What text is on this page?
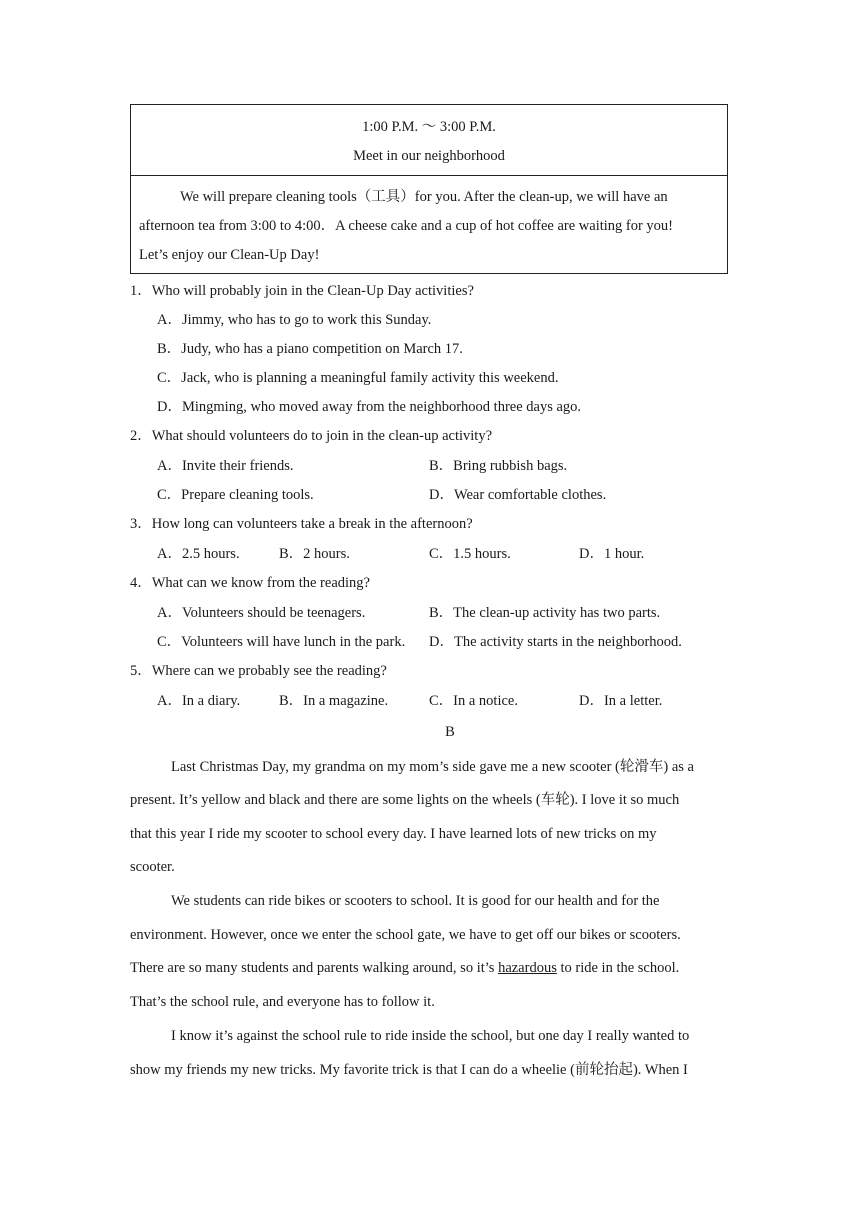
1:00 P.M. ～ 3:00 P.M.
Meet in our neighborhood
We will prepare cleaning tools（工具）for you. After the clean-up, we will have an
afternoon tea from 3:00 to 4:00．A cheese cake and a cup of hot coffee are waiting for you!
Let’s enjoy our Clean-Up Day!
1．Who will probably join in the Clean-Up Day activities?
A．Jimmy, who has to go to work this Sunday.
B．Judy, who has a piano competition on March 17.
C．Jack, who is planning a meaningful family activity this weekend.
D．Mingming, who moved away from the neighborhood three days ago.
2．What should volunteers do to join in the clean-up activity?
A．Invite their friends.	B．Bring rubbish bags.
C．Prepare cleaning tools.	D．Wear comfortable clothes.
3．How long can volunteers take a break in the afternoon?
A．2.5 hours.	B．2 hours.	C．1.5 hours.	D．1 hour.
4．What can we know from the reading?
A．Volunteers should be teenagers.	B．The clean-up activity has two parts.
C．Volunteers will have lunch in the park. D．The activity starts in the neighborhood.
5．Where can we probably see the reading?
A．In a diary.	B．In a magazine.	C．In a notice.	D．In a letter.
B
Last Christmas Day, my grandma on my mom’s side gave me a new scooter (轮滑车) as a
present. It’s yellow and black and there are some lights on the wheels (车轮). I love it so much
that this year I ride my scooter to school every day. I have learned lots of new tricks on my
scooter.
We students can ride bikes or scooters to school. It is good for our health and for the
environment. However, once we enter the school gate, we have to get off our bikes or scooters.
There are so many students and parents walking around, so it’s hazardous to ride in the school.
That’s the school rule, and everyone has to follow it.
I know it’s against the school rule to ride inside the school, but one day I really wanted to
show my friends my new tricks. My favorite trick is that I can do a wheelie (前轮抬起). When I
